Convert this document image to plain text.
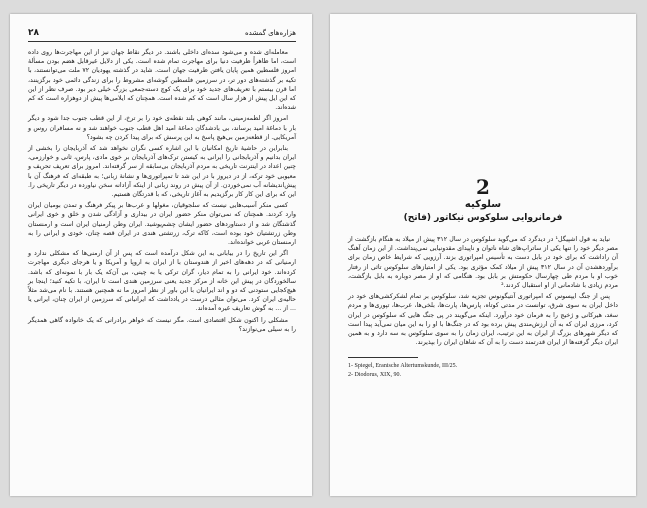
۲۸	هزاره‌های گمشده

معامله‌ای شده و می‌شود سده‌ای داخلی باشند. در دیگر نقاط جهان نیز از این مهاجرت‌ها روی داده است، اما ظاهراً ظرفیت دنیا برای مهاجرت تمام شده است. یکی از دلایل غیرقابل هضم بودن مسألهٔ امروز فلسطین همین پایان یافتن ظرفیت جهان است. شاید در گذشته یهودیان ۷۲ ملت می‌توانستند، با تکیه بر گذشته‌های دور تر، در سرزمین فلسطین گوشه‌ای مشروط را برای زندگی دائمی خود برگزینند، اما قرن بیستم با تعریف‌های جدید خود برای یک کوچ دسته‌جمعی بزرگ خیلی دیر بود. صرف نظر از این که این ایل پیش از هزار سال است که کم شده است. همچنان که ایلامی‌ها پیش از دوهزاره است که کم شده‌اند.

امروز اگر لطمه‌زمینی، مانند کوهی بلند نقطه‌ی خود را بر ترخ، از این قطب جنوب جدا شود و دیگر بار با دماغهٔ امید برساند، بی بادشدگان دماغهٔ امید اهل قطب جنوب خواهند شد و نه مسافران روس و آمریکایی. از قطعه‌زمین بی‌هیچ پاسخ به این پرسش که برای پیدا کردن چه بشود؟

بنابراین در حاشیهٔ تاریخ امکانیان با این اشاره کسی نگران نخواهد شد که آذربایجان را بخشی از ایران بدانیم و آذربایجانی را ایرانی به کیستن ترک‌های آذربایجان بر خوی مادی، پارس، ثانی و خوارزمی، چنین اعداد در اینترنت تاریخی به مردم آذربایجان بی‌سابقه از سر گرفته‌اند. امروز برای تعریف تحریف و معیوبی خود ترکه، از در دیروز با در این شد تا تمپراتوری‌ها و نشانهٔ زبانی؛ به طبقه‌ای که فرهنگ آن با پیش‌اندیشانه آب نمی‌خوردن. از آن پیش در روند زبانی از اینکه آزادانه سخن نیاورده در دیگر تاریخی را. این که برای این کار کار برگزیدیم به آغاز تاریخی، که با قدرتگان هستیم.

کسی منکر آسیب‌هایی نیست که سلجوقیان، مغولها و عرب‌ها بر پیکر فرهنگ و تمدن بومیان ایران وارد کردند. همچنان که نمی‌توان منکر حضور ایران در بیداری و آزادگی شدن و خلق و خوی ایرانی گذشتگان شد و از دستاوردهای حضور ایشان چشم‌پوشید. ایران وطن ارمنیان ایران است و ارمنستان وطن زرتشتیان خود بوده است، کاکه ترک، زرتشتی هندی در ایران قصه چنان، خودی و ایرانی را به ارمنستان غربی خوانده‌اند.

اگر این تاریخ را در بیابانی به این شکل درآمده است که پس از آن ارمنی‌ها که مشکلی ندارد و ارمنیانی که در دهه‌های اخیر از هندوستان با از ایران به اروپا و آمریکا و یا هرجای دیگری مهاجرت کرده‌اند. خود ایرانی را به تمام دیار، گران ترکی یا به چینی، بی آن‌که یک بار با نمونه‌ای که باشد. سالخوردگان در پیش این خانه از مرکز جدید یعنی سرزمین هندی است تا ایران، با تکیه کنید؛ اینجا بر هیچ‌کجایی ستودنی که دو و اند ایرانیان با این باور از نظر امروز ما نه همچنین هستند. با نام می‌شد مثلاً حالیه‌ی ایران کرد. می‌توان مثالی درست در یادداشت که ایرانیانی که سرزمین از ایران چنان، ایرانی یا ... از ... به گوش تعاریف غیره آمده‌اند.

مشکلی را اکنون شکل اقتصادی است. مگر نیست که خواهر برادرانی که یک خانواده گاهی همدیگر را به سیلی می‌نوازند؟

2
سلوکیه
فرمانروایی سلوکوس نیکاتور (فاتح)

نیاید به قول اشپیگل¹ در دیدگرد که می‌گوید سلوکوس در سال ۳۱۲ پیش از میلاد به هنگام بازگشت از مصر دیگر خود را تنها یکی از ساتراپ‌های شاه ناتوان و ناپیدای مقدونیایی نمی‌پنداشت. از این زمان آهنگ آن راداشت که برای خود در بابل دست به تأسیس امپراتوری بزند. آرزویی که شرایط خاص زمان برای برآوردهشدن آن در سال ۳۱۲ پیش از میلاد کمک مؤثری بود. یکی از امتیازهای سلوکوس تاثی از رفتار خوب او با مردم طی چهارسال حکومتش بر بابل بود. هنگامی که او از مصر دوباره به بابل بازگشت، مردم زیادی با شادمانی از او استقبال کردند.²

پس از جنگ ایپسوس که امپراتوری آنتیگونوس تجزیه شد، سلوکوس بر تمام لشکرکشی‌های خود در داخل ایران به سوی شرق، توانست در مدتی کوتاه، پارس‌ها، پارت‌ها، بلخی‌ها، عرب‌ها، تپوری‌ها و مردم سغد، هیرکانی و ژخیج را به فرمان خود درآورد. اینکه می‌گویند در پی جنگ هایی که سلوکوس در ایران کرد، مرزی ایران که به آن ارزش‌مندی پیش برده بود که در جنگ‌ها با او را به این میان نمی‌آید پیدا است که دیگر شهرهای بزرگ از ایران به این ترتیب، ایران زمان را به سوی سلوکوس به سه دارد و به همین ایران دیگر گرفته‌ها از ایران قدرتمند دست را به آن که شاهان ایران را بپذیرند.

1- Spiegel, Eranische Altertumskunde, III/25.
2- Diodorus, XIX, 90.
